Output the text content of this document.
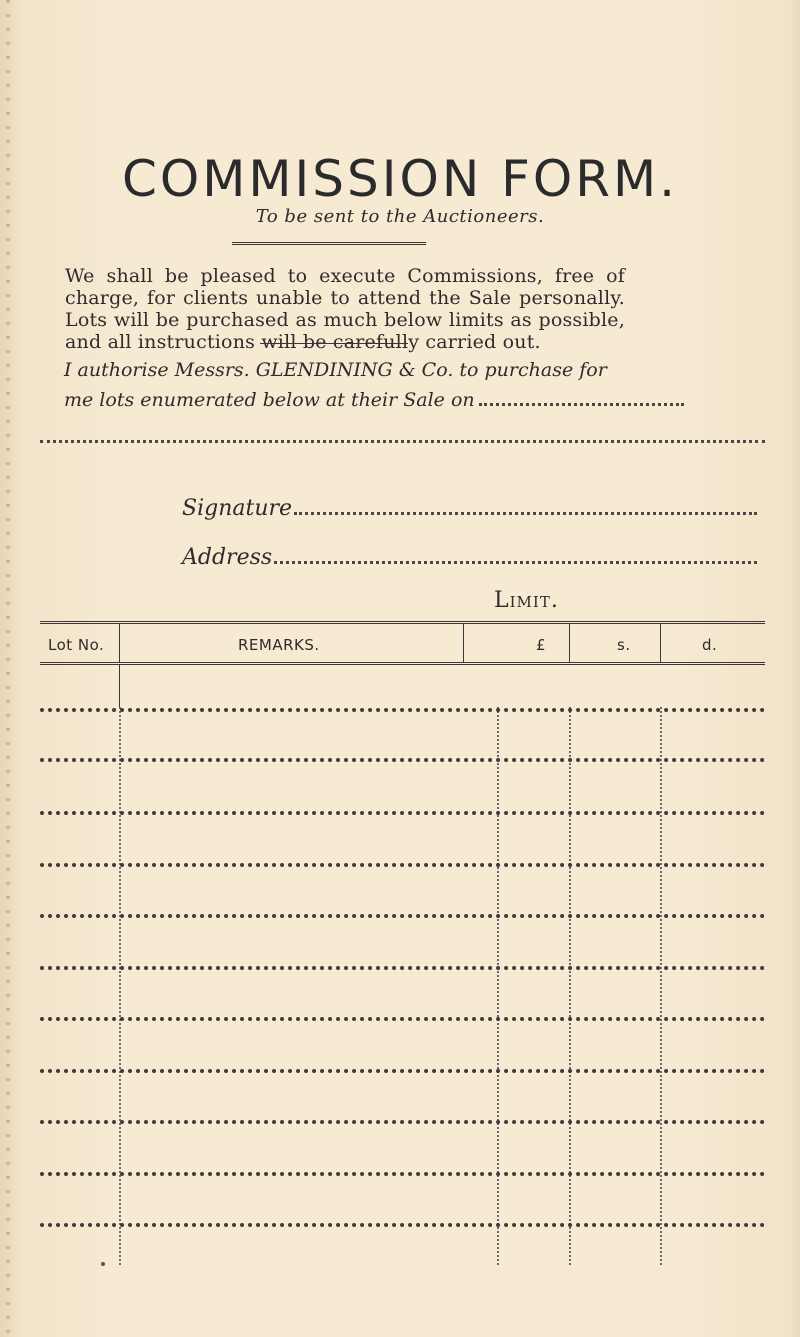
COMMISSION FORM.
To be sent to the Auctioneers.
We shall be pleased to execute Commissions, free of charge, for clients unable to attend the Sale personally. Lots will be purchased as much below limits as possible, and all instructions will be carefully carried out.
I authorise Messrs. GLENDINING & Co. to purchase for
me lots enumerated below at their Sale on
Signature
Address
Limit.
Lot No.	REMARKS.	£	s.	d.
